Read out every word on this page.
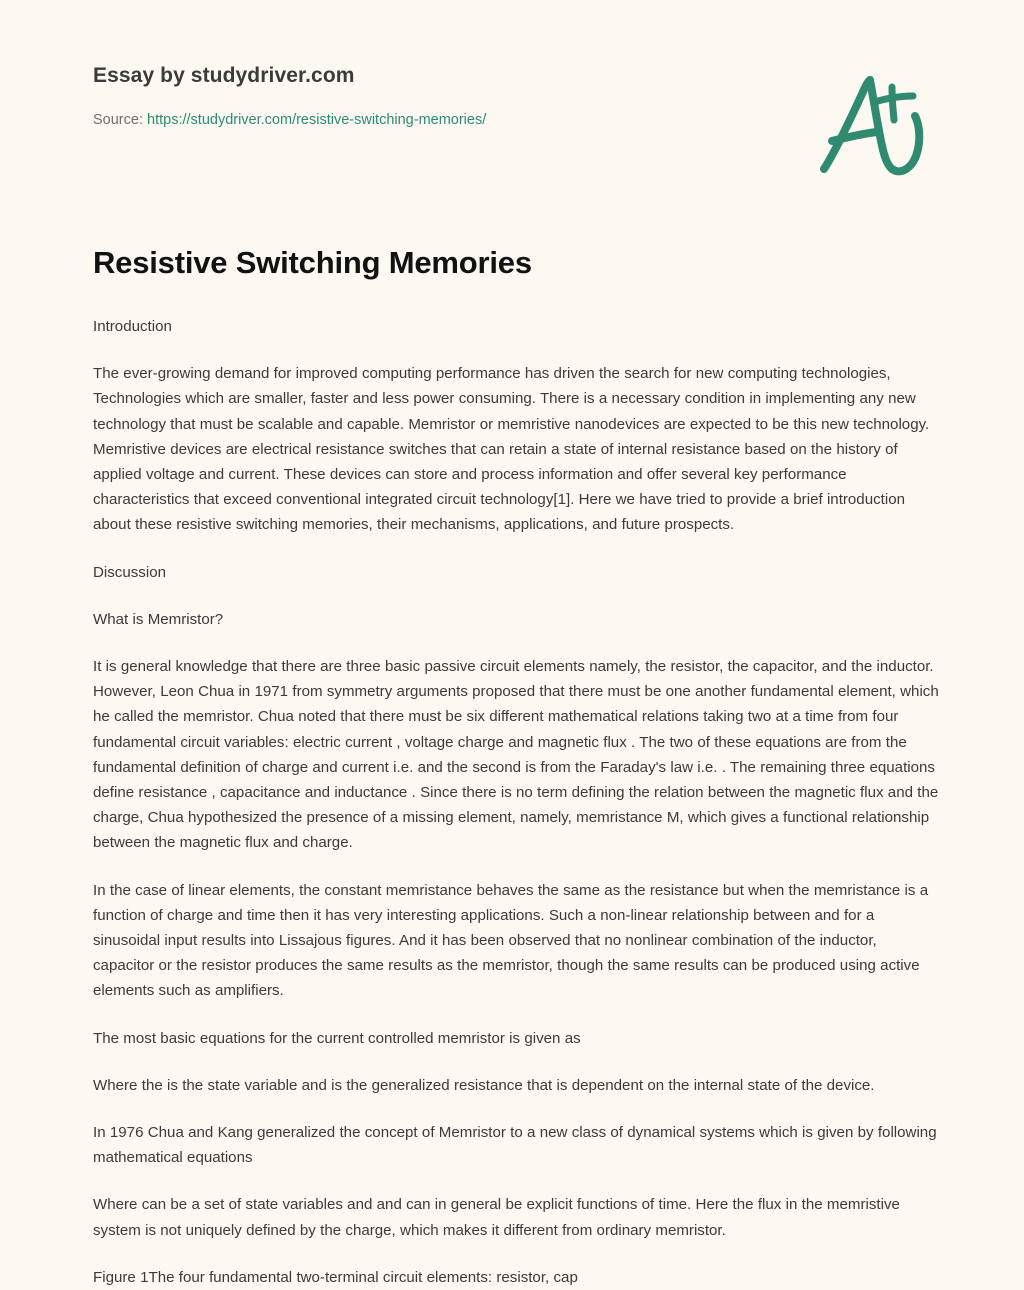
Essay by studydriver.com
Source: https://studydriver.com/resistive-switching-memories/
Resistive Switching Memories

Introduction

The ever-growing demand for improved computing performance has driven the search for new computing technologies, Technologies which are smaller, faster and less power consuming. There is a necessary condition in implementing any new technology that must be scalable and capable. Memristor or memristive nanodevices are expected to be this new technology. Memristive devices are electrical resistance switches that can retain a state of internal resistance based on the history of applied voltage and current. These devices can store and process information and offer several key performance characteristics that exceed conventional integrated circuit technology[1]. Here we have tried to provide a brief introduction about these resistive switching memories, their mechanisms, applications, and future prospects.

Discussion

What is Memristor?

It is general knowledge that there are three basic passive circuit elements namely, the resistor, the capacitor, and the inductor. However, Leon Chua in 1971 from symmetry arguments proposed that there must be one another fundamental element, which he called the memristor. Chua noted that there must be six different mathematical relations taking two at a time from four fundamental circuit variables: electric current , voltage charge and magnetic flux . The two of these equations are from the fundamental definition of charge and current i.e. and the second is from the Faraday's law i.e. . The remaining three equations define resistance , capacitance and inductance . Since there is no term defining the relation between the magnetic flux and the charge, Chua hypothesized the presence of a missing element, namely, memristance M, which gives a functional relationship between the magnetic flux and charge.

In the case of linear elements, the constant memristance behaves the same as the resistance but when the memristance is a function of charge and time then it has very interesting applications. Such a non-linear relationship between and for a sinusoidal input results into Lissajous figures. And it has been observed that no nonlinear combination of the inductor, capacitor or the resistor produces the same results as the memristor, though the same results can be produced using active elements such as amplifiers.

The most basic equations for the current controlled memristor is given as

Where the is the state variable and is the generalized resistance that is dependent on the internal state of the device.

In 1976 Chua and Kang generalized the concept of Memristor to a new class of dynamical systems which is given by following mathematical equations

Where can be a set of state variables and and can in general be explicit functions of time. Here the flux in the memristive system is not uniquely defined by the charge, which makes it different from ordinary memristor.

Figure 1The four fundamental two-terminal circuit elements: resistor, cap
